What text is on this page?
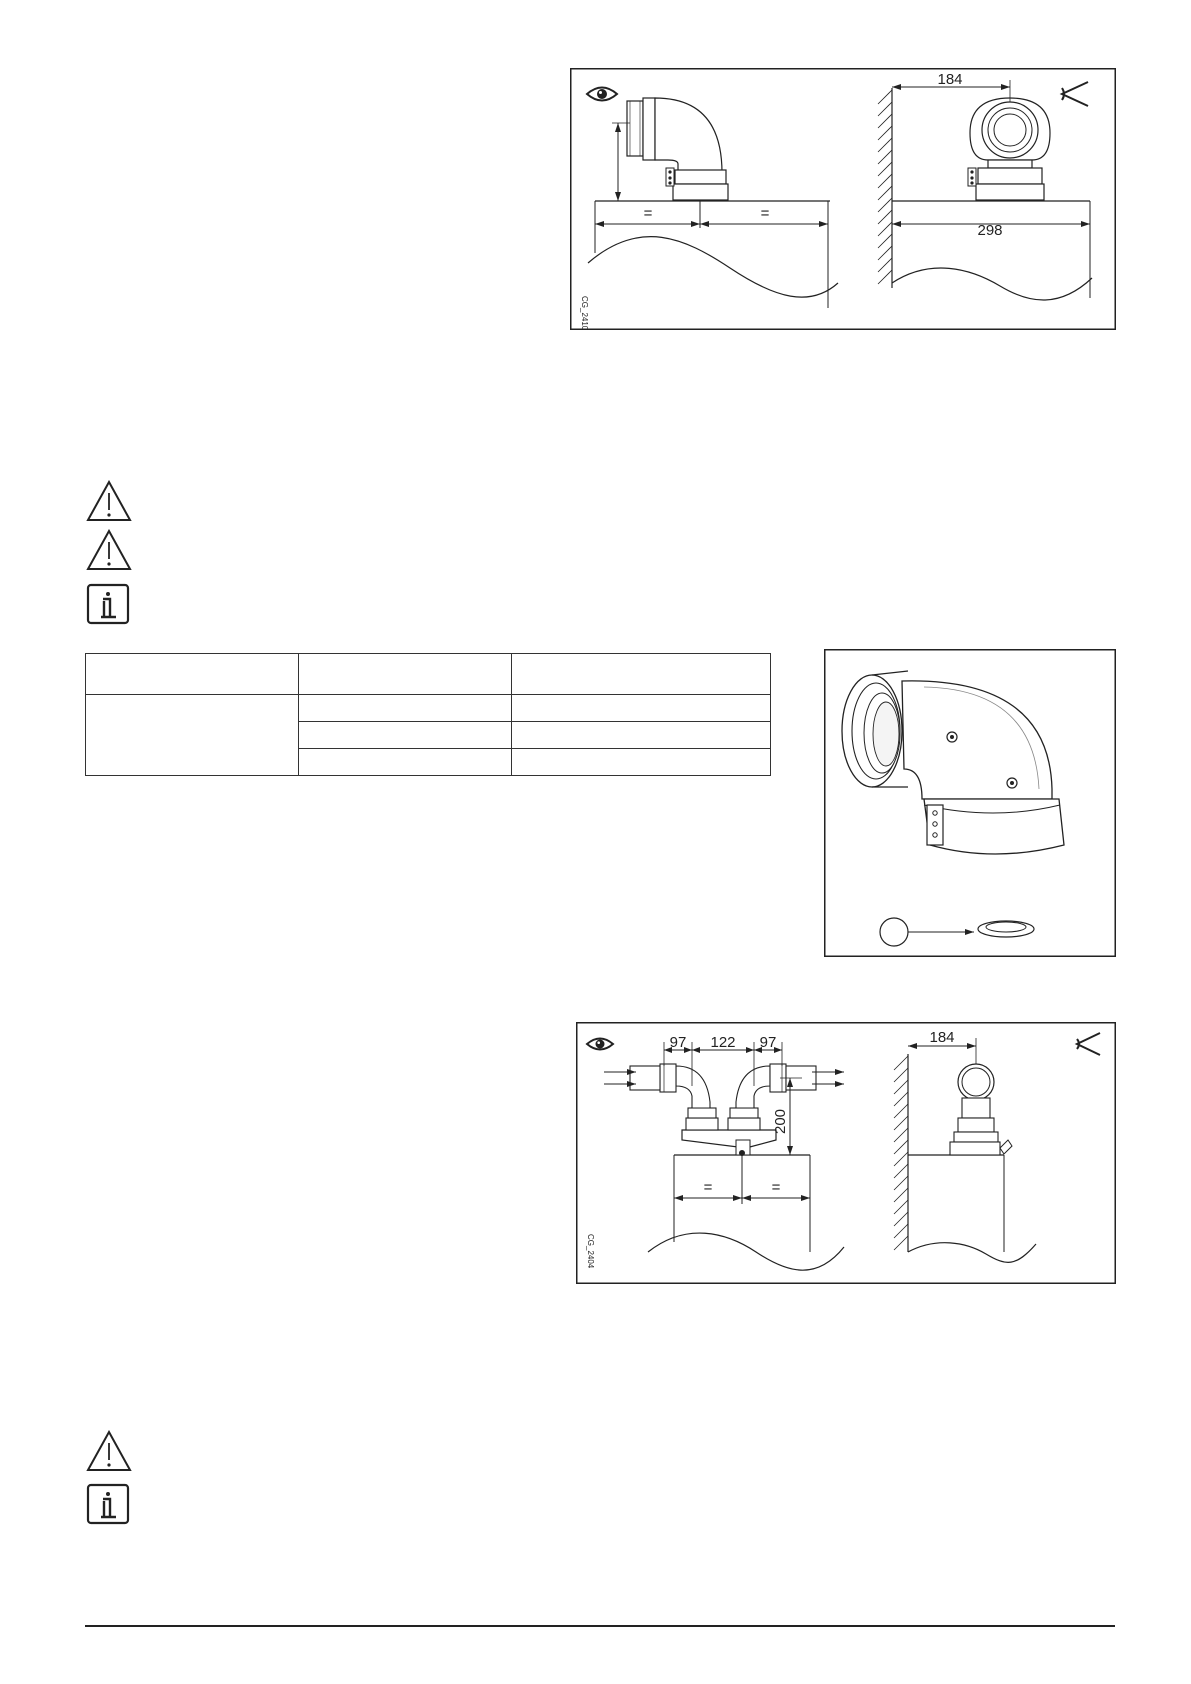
=	=
CG_2410
184
298

97 122 97
200
=	=
CG_2404
184
